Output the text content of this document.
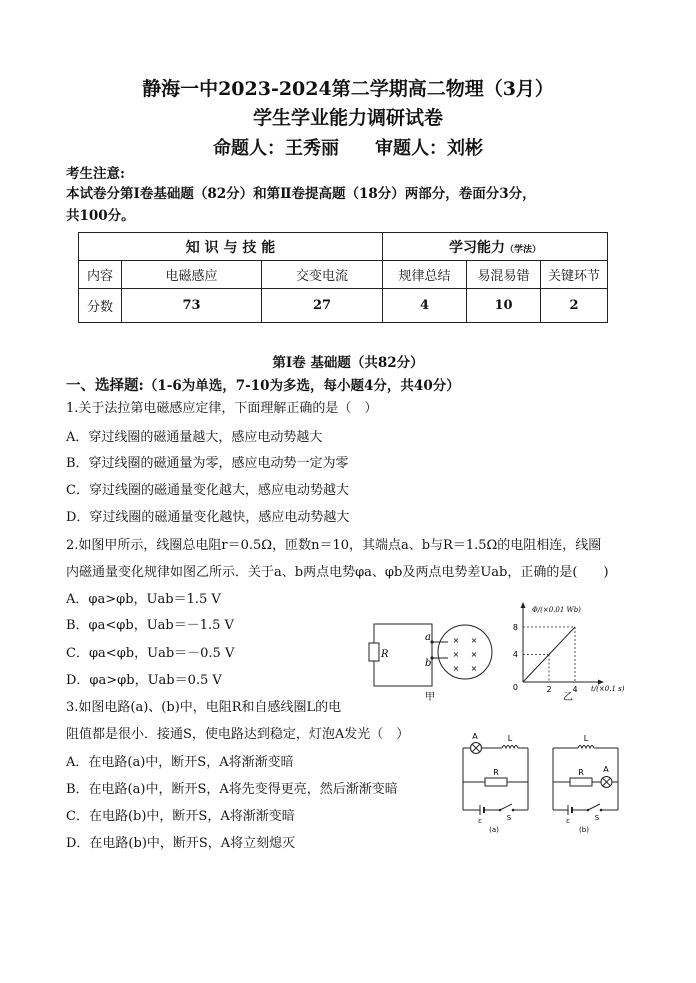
静海一中2023-2024第二学期高二物理（3月）
学生学业能力调研试卷
命题人：王秀丽　　审题人：刘彬
考生注意:
本试卷分第Ⅰ卷基础题（82分）和第Ⅱ卷提高题（18分）两部分，卷面分3分，
共100分。
知 识 与 技 能			学习能力（学法）		
内容	电磁感应	交变电流	规律总结	易混易错	关键环节
分数	73	27	4	10	2
第Ⅰ卷 基础题（共82分）
一、选择题:（1-6为单选，7-10为多选，每小题4分，共40分）
1.关于法拉第电磁感应定律，下面理解正确的是（　）
A．穿过线圈的磁通量越大，感应电动势越大
B．穿过线圈的磁通量为零，感应电动势一定为零
C．穿过线圈的磁通量变化越大，感应电动势越大
D．穿过线圈的磁通量变化越快，感应电动势越大
2.如图甲所示，线圈总电阻r＝0.5Ω，匝数n＝10，其端点a、b与R＝1.5Ω的电阻相连，线圈
内磁通量变化规律如图乙所示．关于a、b两点电势φa、φb及两点电势差Uab，正确的是(　　)
A．φa>φb，Uab＝1.5 V
B．φa<φb，Uab＝－1.5 V
C．φa<φb，Uab＝－0.5 V
D．φa>φb，Uab＝0.5 V
R
a
b
× ×
× ×
× ×
甲
Φ/(×0.01 Wb)
8
4
0	2	4 t/(×0.1 s)
乙
3.如图电路(a)、(b)中，电阻R和自感线圈L的电
阻值都是很小．接通S，使电路达到稳定，灯泡A发光（　）
A．在电路(a)中，断开S，A将渐渐变暗
B．在电路(a)中，断开S，A将先变得更亮，然后渐渐变暗
C．在电路(b)中，断开S，A将渐渐变暗
D．在电路(b)中，断开S，A将立刻熄灭
A	L
R
ε	S
(a)
L
R A
ε	S
(b)
